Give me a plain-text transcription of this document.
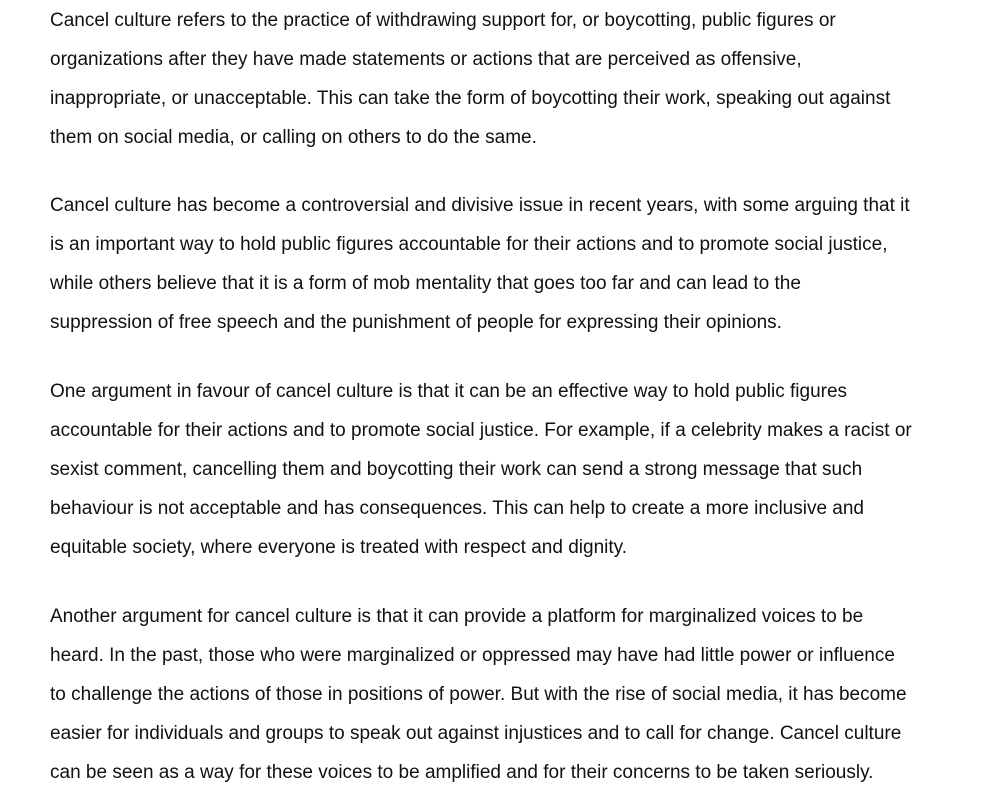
Cancel culture refers to the practice of withdrawing support for, or boycotting, public figures or
organizations after they have made statements or actions that are perceived as offensive,
inappropriate, or unacceptable. This can take the form of boycotting their work, speaking out against
them on social media, or calling on others to do the same.
Cancel culture has become a controversial and divisive issue in recent years, with some arguing that it
is an important way to hold public figures accountable for their actions and to promote social justice,
while others believe that it is a form of mob mentality that goes too far and can lead to the
suppression of free speech and the punishment of people for expressing their opinions.
One argument in favour of cancel culture is that it can be an effective way to hold public figures
accountable for their actions and to promote social justice. For example, if a celebrity makes a racist or
sexist comment, cancelling them and boycotting their work can send a strong message that such
behaviour is not acceptable and has consequences. This can help to create a more inclusive and
equitable society, where everyone is treated with respect and dignity.
Another argument for cancel culture is that it can provide a platform for marginalized voices to be
heard. In the past, those who were marginalized or oppressed may have had little power or influence
to challenge the actions of those in positions of power. But with the rise of social media, it has become
easier for individuals and groups to speak out against injustices and to call for change. Cancel culture
can be seen as a way for these voices to be amplified and for their concerns to be taken seriously.
